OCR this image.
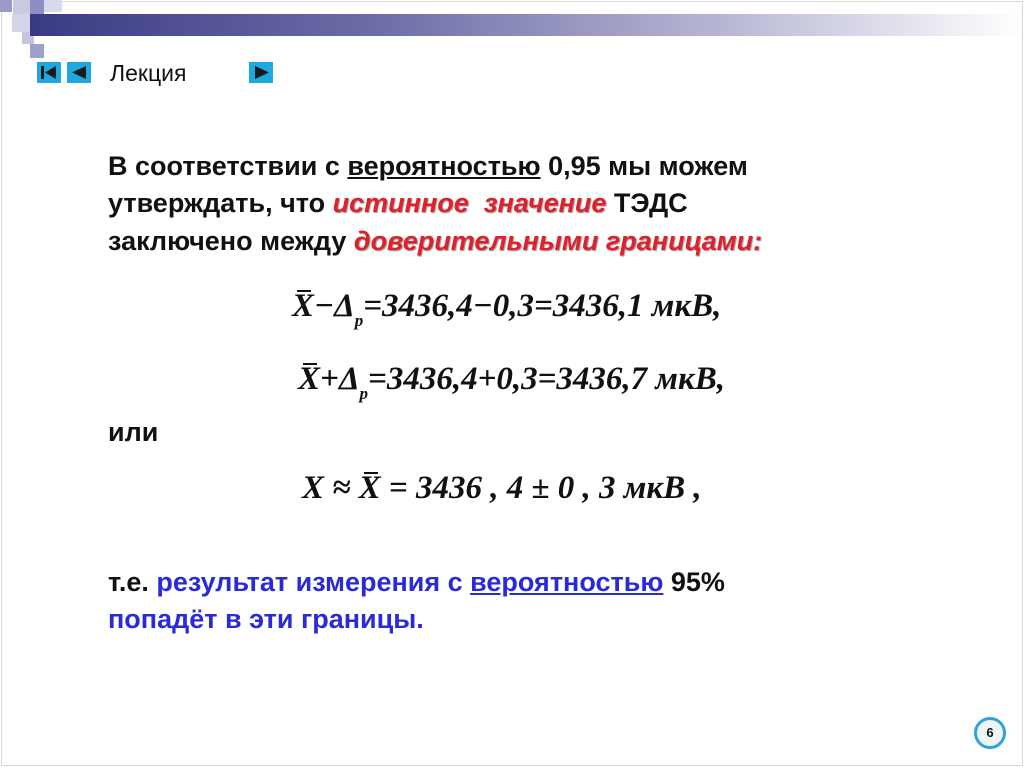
Лекция
В соответствии с вероятностью 0,95 мы можем
утверждать, что истинное  значение ТЭДС
заключено между доверительными границами:
$X-\Delta_p=3436,4-0,3=3436,1$ мкВ,
$X+\Delta_p=3436,4+0,3=3436,7$ мкВ,
или
X ≈ X = 3436 , 4 ± 0 , 3 мкВ ,
т.е. результат измерения с вероятностью 95%
попадёт в эти границы.
6
